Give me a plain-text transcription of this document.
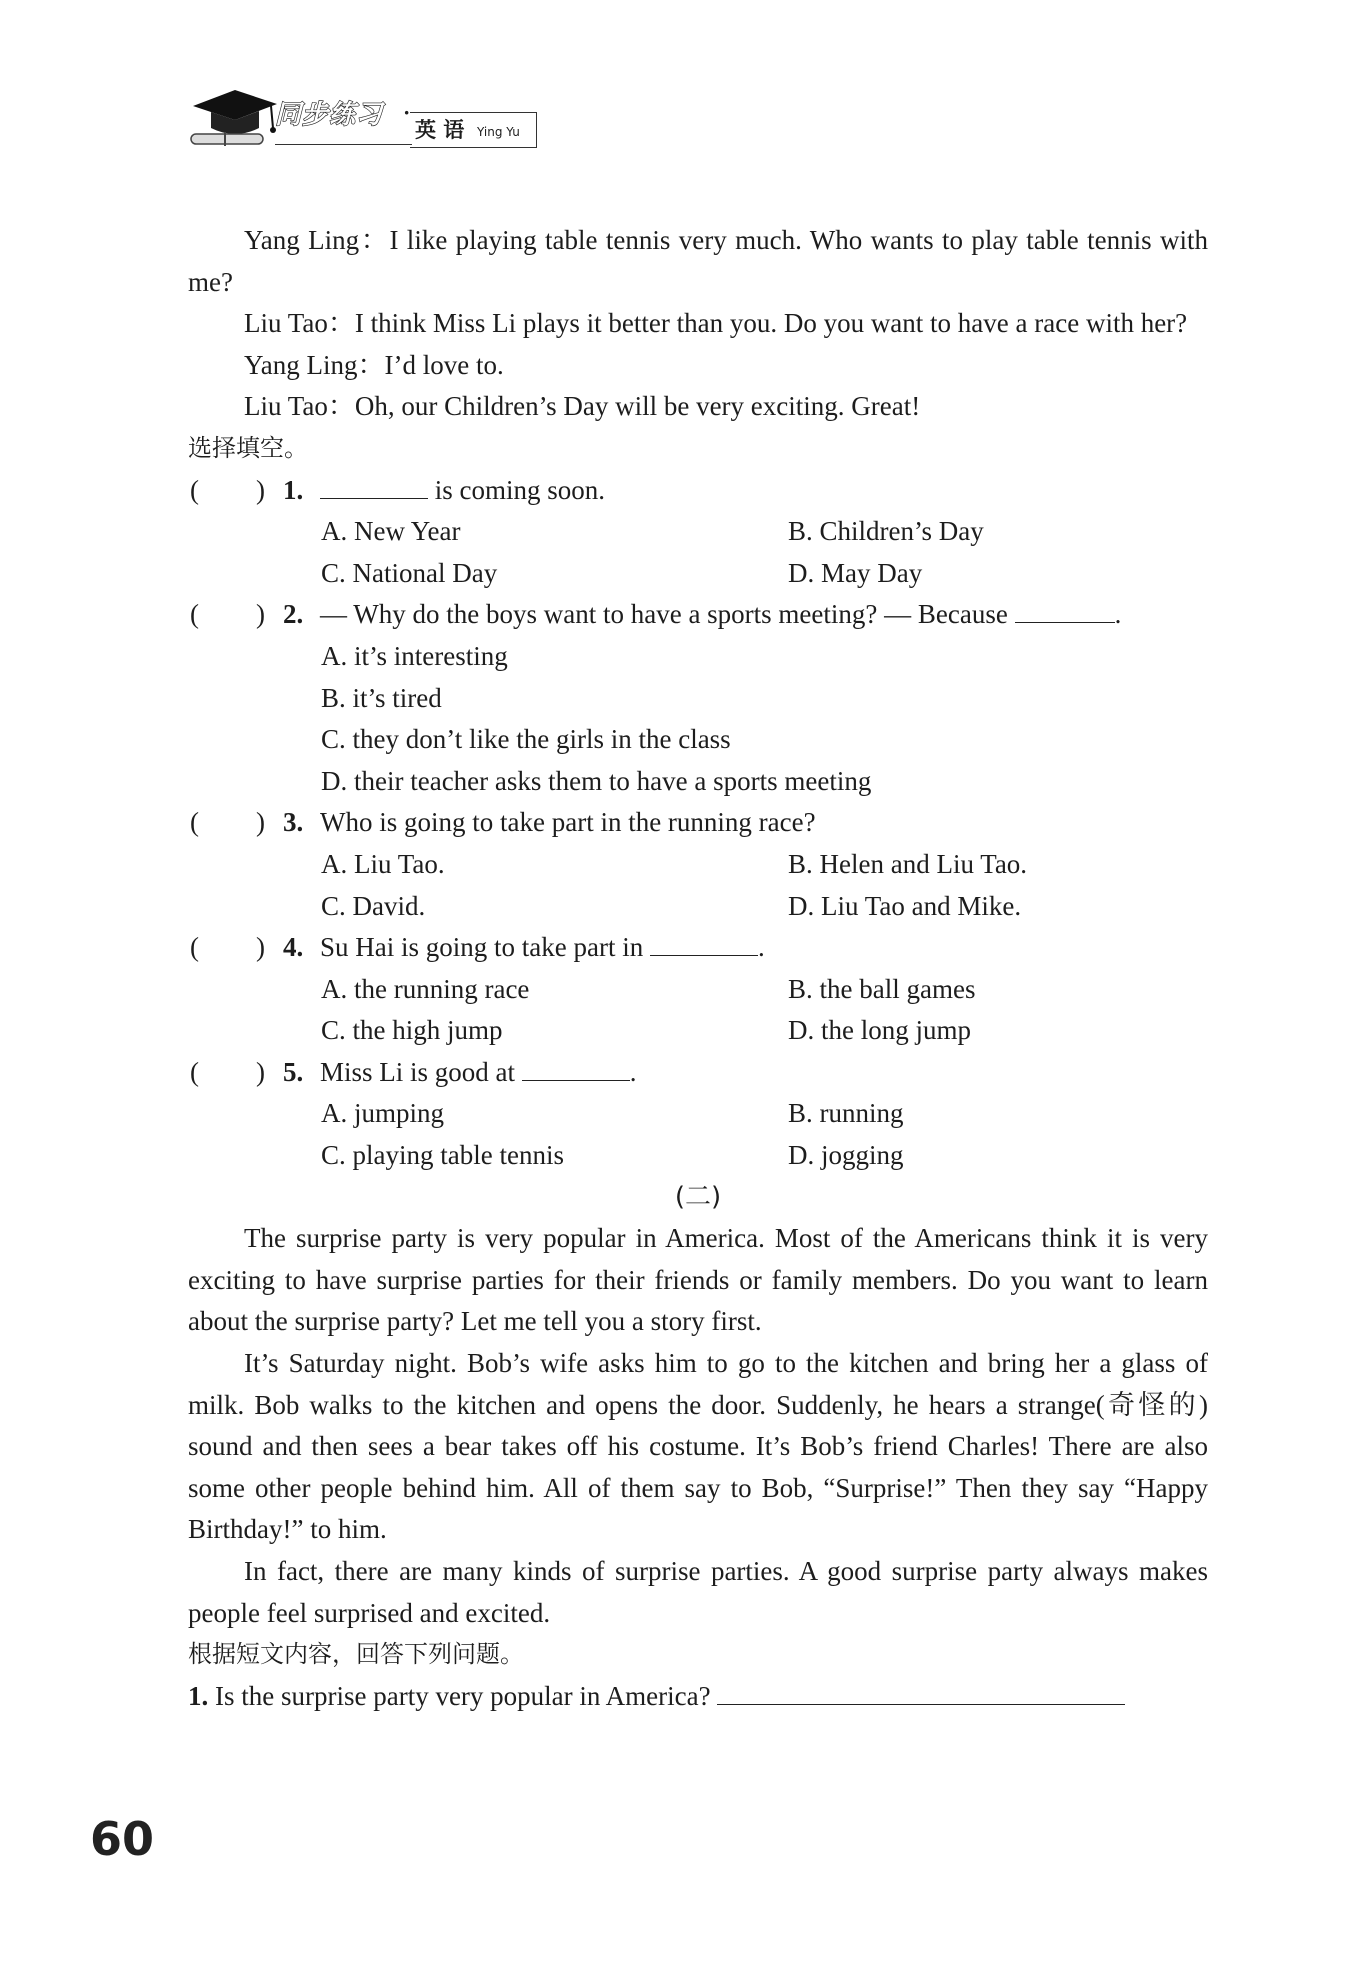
同步练习 ·
英 语 Ying Yu

Yang Ling：I like playing table tennis very much. Who wants to play table tennis with me?

Liu Tao：I think Miss Li plays it better than you. Do you want to have a race with her?

Yang Ling：I’d love to.

Liu Tao：Oh, our Children’s Day will be very exciting. Great!

选择填空。

( ) 1.	is coming soon.
A. New Year	B. Children’s Day
C. National Day	D. May Day
( ) 2. — Why do the boys want to have a sports meeting? — Because	.
A. it’s interesting
B. it’s tired
C. they don’t like the girls in the class
D. their teacher asks them to have a sports meeting
( ) 3. Who is going to take part in the running race?
A. Liu Tao.	B. Helen and Liu Tao.
C. David.	D. Liu Tao and Mike.
( ) 4. Su Hai is going to take part in	.
A. the running race	B. the ball games
C. the high jump	D. the long jump
( ) 5. Miss Li is good at	.
A. jumping	B. running
C. playing table tennis	D. jogging

(二)

The surprise party is very popular in America. Most of the Americans think it is very exciting to have surprise parties for their friends or family members. Do you want to learn about the surprise party? Let me tell you a story first.

It’s Saturday night. Bob’s wife asks him to go to the kitchen and bring her a glass of milk. Bob walks to the kitchen and opens the door. Suddenly, he hears a strange(奇怪的) sound and then sees a bear takes off his costume. It’s Bob’s friend Charles! There are also some other people behind him. All of them say to Bob, “Surprise!” Then they say “Happy Birthday!” to him.

In fact, there are many kinds of surprise parties. A good surprise party always makes people feel surprised and excited.

根据短文内容，回答下列问题。

1. Is the surprise party very popular in America?

60
